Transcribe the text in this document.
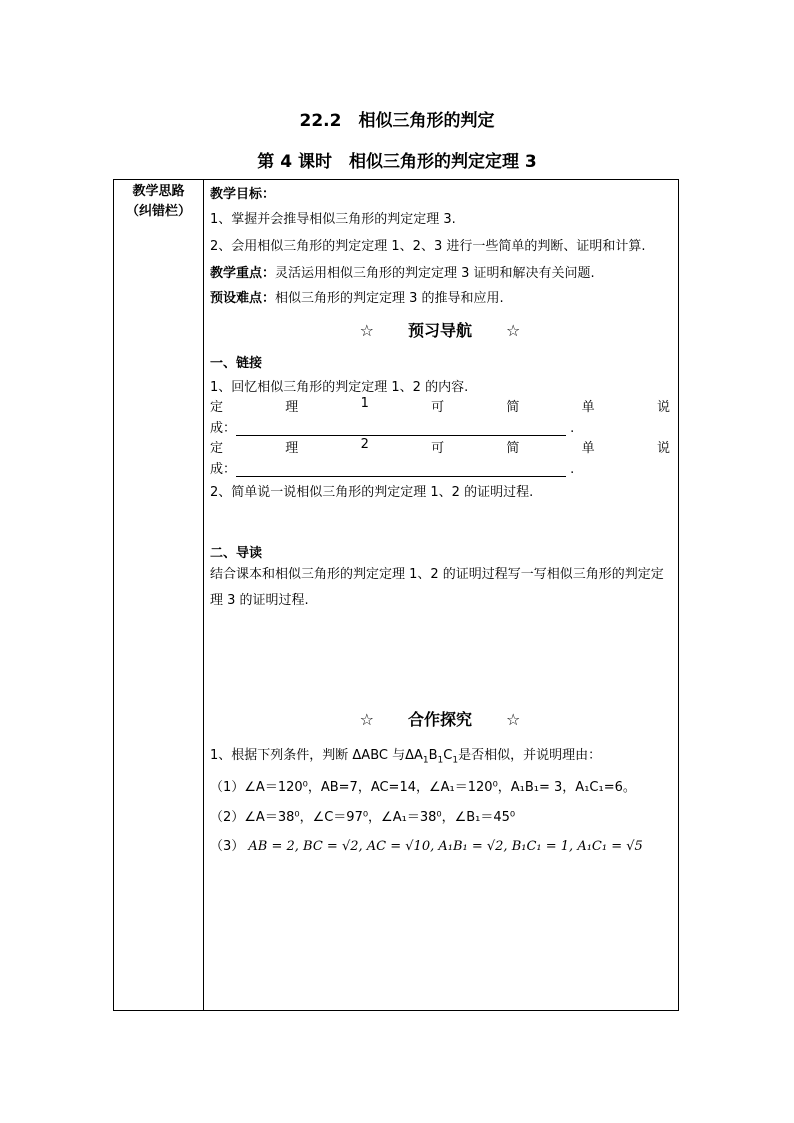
22.2　相似三角形的判定
第 4 课时　相似三角形的判定定理 3
教学思路
（纠错栏）
教学目标：
1、掌握并会推导相似三角形的判定定理 3.
2、会用相似三角形的判定定理 1、2、3 进行一些简单的判断、证明和计算.
教学重点：灵活运用相似三角形的判定定理 3 证明和解决有关问题.
预设难点：相似三角形的判定定理 3 的推导和应用.
☆ 预习导航 ☆
一、链接
1、回忆相似三角形的判定定理 1、2 的内容.
定	理	1	可	简	单	说
成：	.
定	理	2	可	简	单	说
成：	.
2、简单说一说相似三角形的判定定理 1、2 的证明过程.
二、导读
结合课本和相似三角形的判定定理 1、2 的证明过程写一写相似三角形的判定定理 3 的证明过程.
☆ 合作探究 ☆
1、根据下列条件，判断 ΔABC 与$\Delta A_1B_1C_1$是否相似，并说明理由：
（1）∠A＝120⁰，AB=7，AC=14，∠A₁＝120⁰，A₁B₁= 3，A₁C₁=6。
（2）∠A＝38⁰，∠C＝97⁰，∠A₁＝38⁰，∠B₁＝45⁰
（3） AB = 2, BC = √2, AC = √10, A₁B₁ = √2, B₁C₁ = 1, A₁C₁ = √5
